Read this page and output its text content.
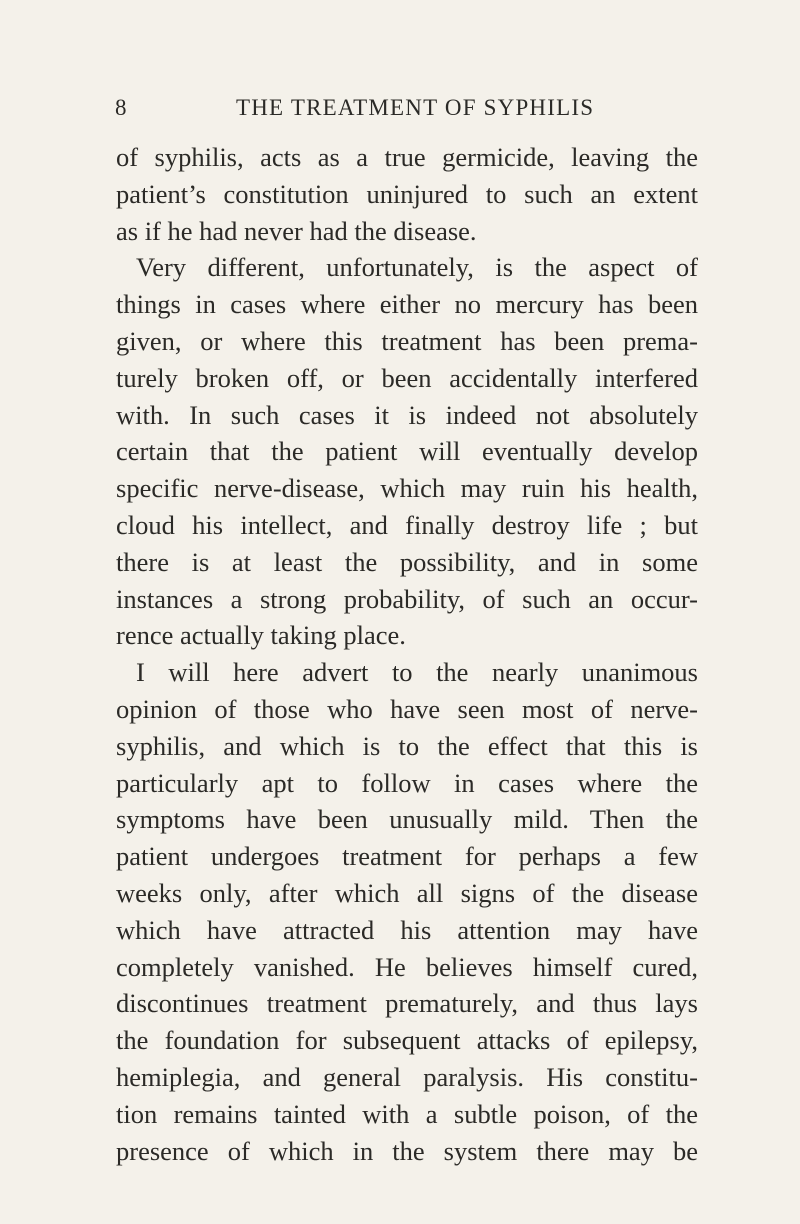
8	THE TREATMENT OF SYPHILIS
of syphilis, acts as a true germicide, leaving the
patient’s constitution uninjured to such an extent
as if he had never had the disease.
Very different, unfortunately, is the aspect of
things in cases where either no mercury has been
given, or where this treatment has been prema-
turely broken off, or been accidentally interfered
with. In such cases it is indeed not absolutely
certain that the patient will eventually develop
specific nerve-disease, which may ruin his health,
cloud his intellect, and finally destroy life ; but
there is at least the possibility, and in some
instances a strong probability, of such an occur-
rence actually taking place.
I will here advert to the nearly unanimous
opinion of those who have seen most of nerve-
syphilis, and which is to the effect that this is
particularly apt to follow in cases where the
symptoms have been unusually mild. Then the
patient undergoes treatment for perhaps a few
weeks only, after which all signs of the disease
which have attracted his attention may have
completely vanished. He believes himself cured,
discontinues treatment prematurely, and thus lays
the foundation for subsequent attacks of epilepsy,
hemiplegia, and general paralysis. His constitu-
tion remains tainted with a subtle poison, of the
presence of which in the system there may be
